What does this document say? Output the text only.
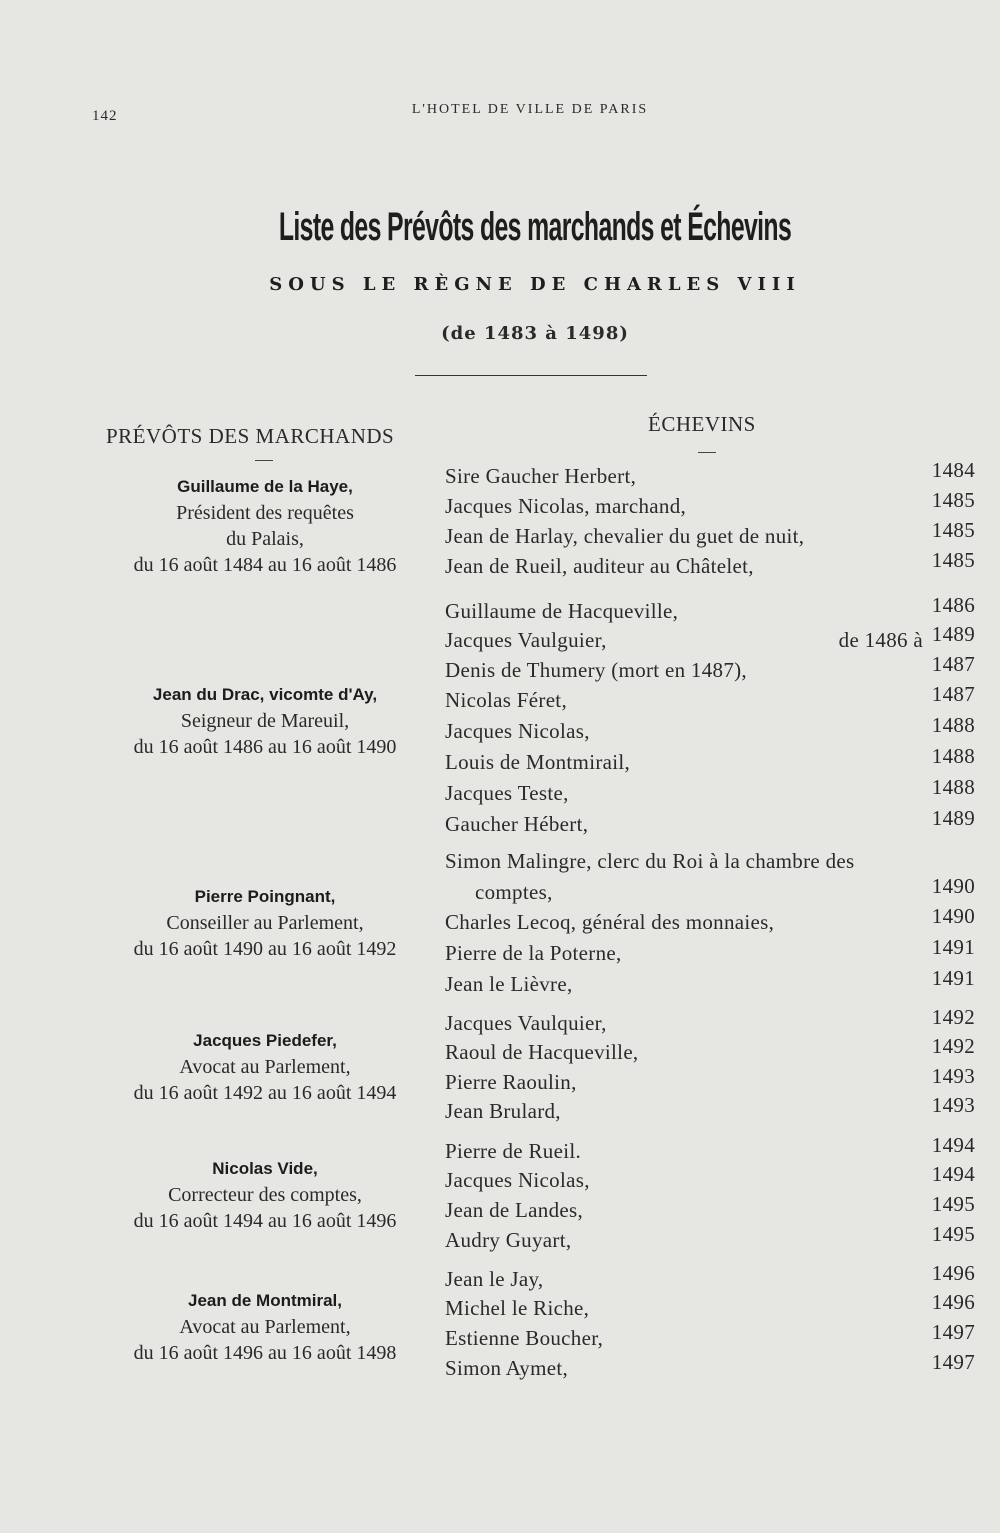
142	L'HOTEL DE VILLE DE PARIS
Liste des Prévôts des marchands et Échevins
SOUS LE RÈGNE DE CHARLES VIII
(de 1483 à 1498)
PRÉVÔTS DES MARCHANDS	ÉCHEVINS
Guillaume de la Haye,
Président des requêtes
du Palais,
du 16 août 1484 au 16 août 1486
Jean du Drac, vicomte d'Ay,
Seigneur de Mareuil,
du 16 août 1486 au 16 août 1490
Pierre Poingnant,
Conseiller au Parlement,
du 16 août 1490 au 16 août 1492
Jacques Piedefer,
Avocat au Parlement,
du 16 août 1492 au 16 août 1494
Nicolas Vide,
Correcteur des comptes,
du 16 août 1494 au 16 août 1496
Jean de Montmiral,
Avocat au Parlement,
du 16 août 1496 au 16 août 1498
Sire Gaucher Herbert,	1484
Jacques Nicolas, marchand,	1485
Jean de Harlay, chevalier du guet de nuit,	1485
Jean de Rueil, auditeur au Châtelet,	1485
Guillaume de Hacqueville,	1486
Jacques Vaulguier,	de 1486 à 1489
Denis de Thumery (mort en 1487),	1487
Nicolas Féret,	1487
Jacques Nicolas,	1488
Louis de Montmirail,	1488
Jacques Teste,	1488
Gaucher Hébert,	1489
Simon Malingre, clerc du Roi à la chambre des
comptes,	1490
Charles Lecoq, général des monnaies,	1490
Pierre de la Poterne,	1491
Jean le Lièvre,	1491
Jacques Vaulquier,	1492
Raoul de Hacqueville,	1492
Pierre Raoulin,	1493
Jean Brulard,	1493
Pierre de Rueil.	1494
Jacques Nicolas,	1494
Jean de Landes,	1495
Audry Guyart,	1495
Jean le Jay,	1496
Michel le Riche,	1496
Estienne Boucher,	1497
Simon Aymet,	1497
